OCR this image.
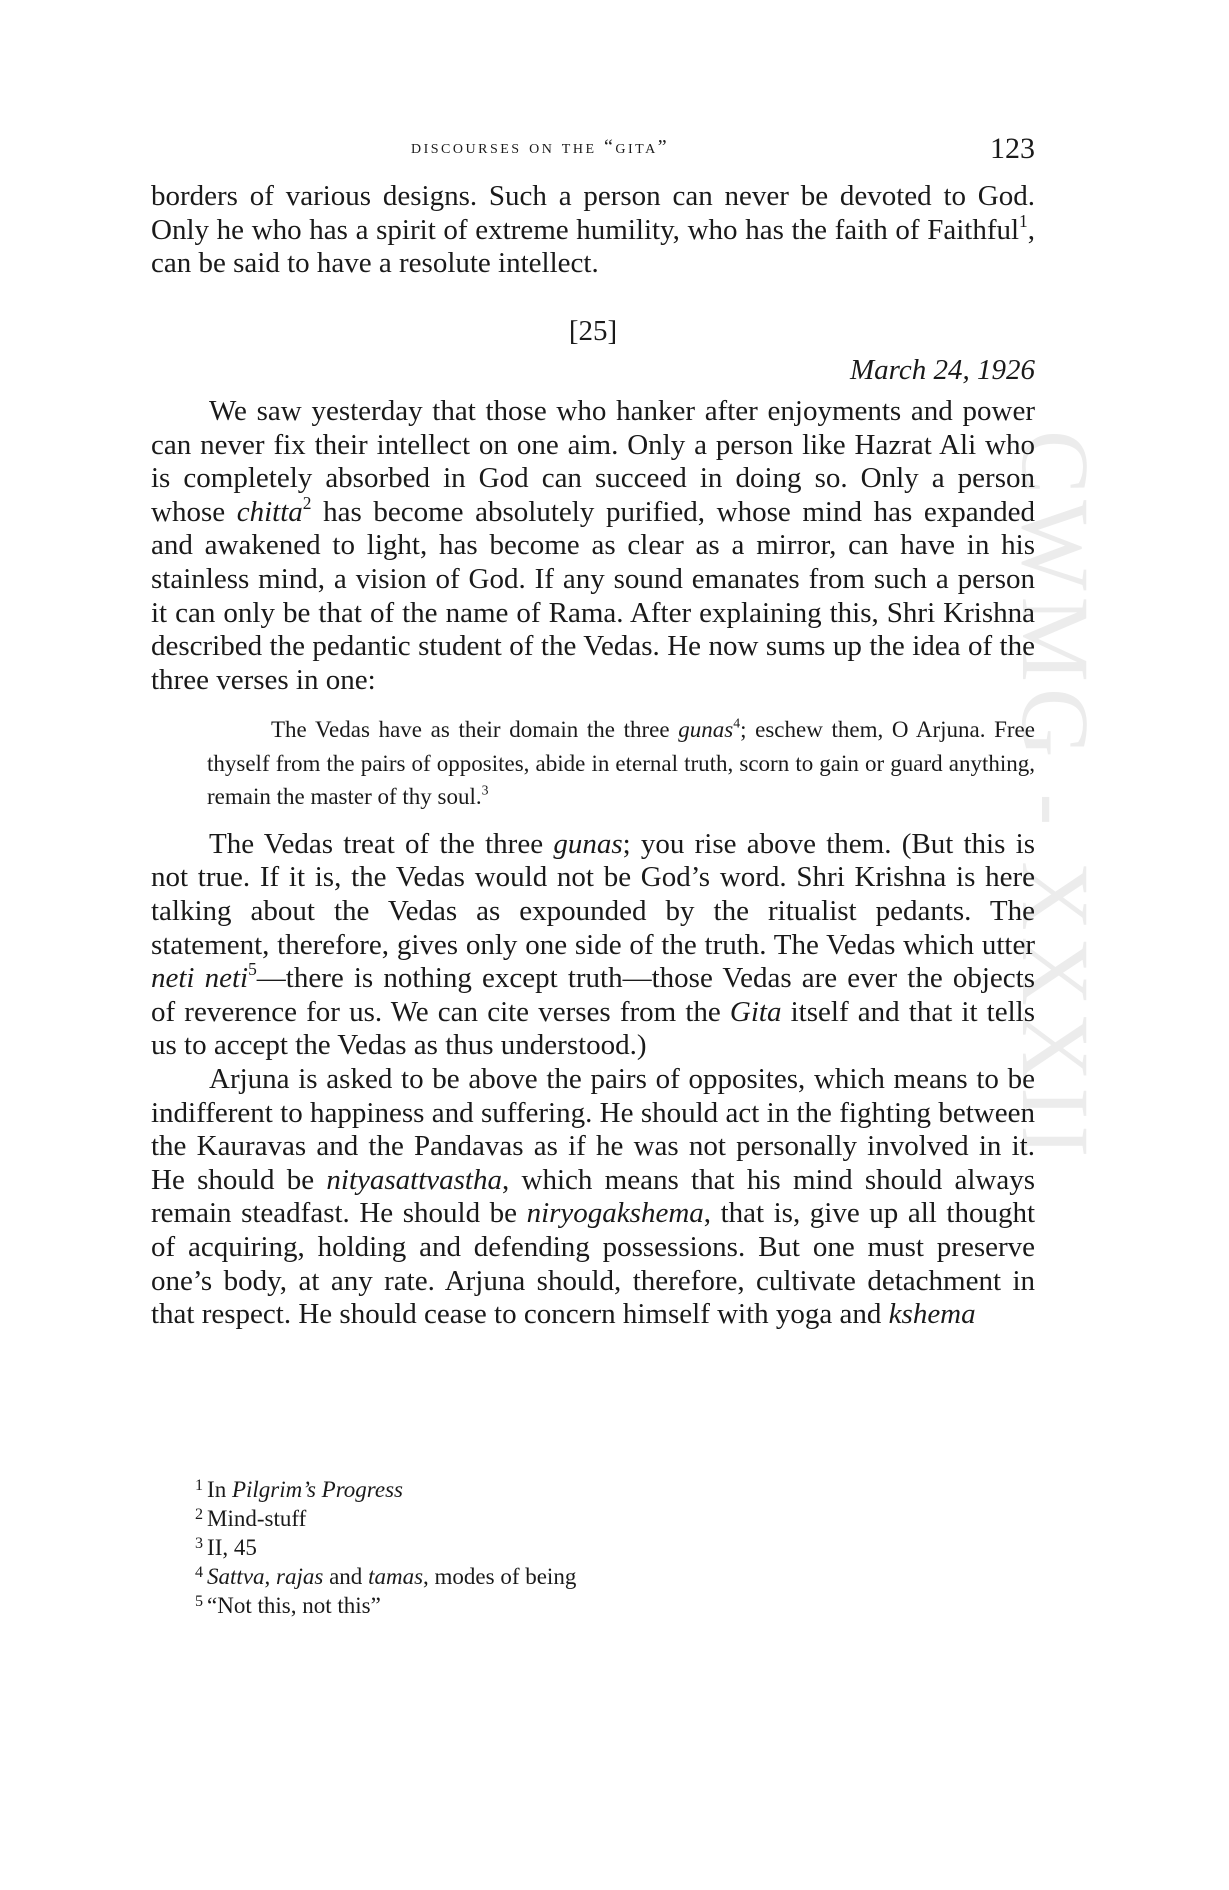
CWMG - XXXII
discourses on the “gita”	123

borders of various designs. Such a person can never be devoted to God. Only he who has a spirit of extreme humility, who has the faith of Faithful$^1$, can be said to have a resolute intellect.

[25]

March 24, 1926

We saw yesterday that those who hanker after enjoyments and power can never fix their intellect on one aim. Only a person like Hazrat Ali who is completely absorbed in God can succeed in doing so. Only a person whose chitta$^2$ has become absolutely purified, whose mind has expanded and awakened to light, has become as clear as a mirror, can have in his stainless mind, a vision of God. If any sound emanates from such a person it can only be that of the name of Rama. After explaining this, Shri Krishna described the pedantic student of the Vedas. He now sums up the idea of the three verses in one:

The Vedas have as their domain the three gunas$^4$; eschew them, O Arjuna. Free thyself from the pairs of opposites, abide in eternal truth, scorn to gain or guard anything, remain the master of thy soul.$^3$

The Vedas treat of the three gunas; you rise above them. (But this is not true. If it is, the Vedas would not be God’s word. Shri Krishna is here talking about the Vedas as expounded by the ritualist pedants. The statement, therefore, gives only one side of the truth. The Vedas which utter neti neti$^5$—there is nothing except truth—those Vedas are ever the objects of reverence for us. We can cite verses from the Gita itself and that it tells us to accept the Vedas as thus understood.)

Arjuna is asked to be above the pairs of opposites, which means to be indifferent to happiness and suffering. He should act in the fighting between the Kauravas and the Pandavas as if he was not personally involved in it. He should be nityasattvastha, which means that his mind should always remain steadfast. He should be niryogakshema, that is, give up all thought of acquiring, holding and defending possessions. But one must preserve one’s body, at any rate. Arjuna should, therefore, cultivate detachment in that respect. He should cease to concern himself with yoga and kshema

$^1$ In Pilgrim’s Progress

$^2$ Mind-stuff

$^3$ II, 45

$^4$ Sattva, rajas and tamas, modes of being

$^5$ “Not this, not this”
